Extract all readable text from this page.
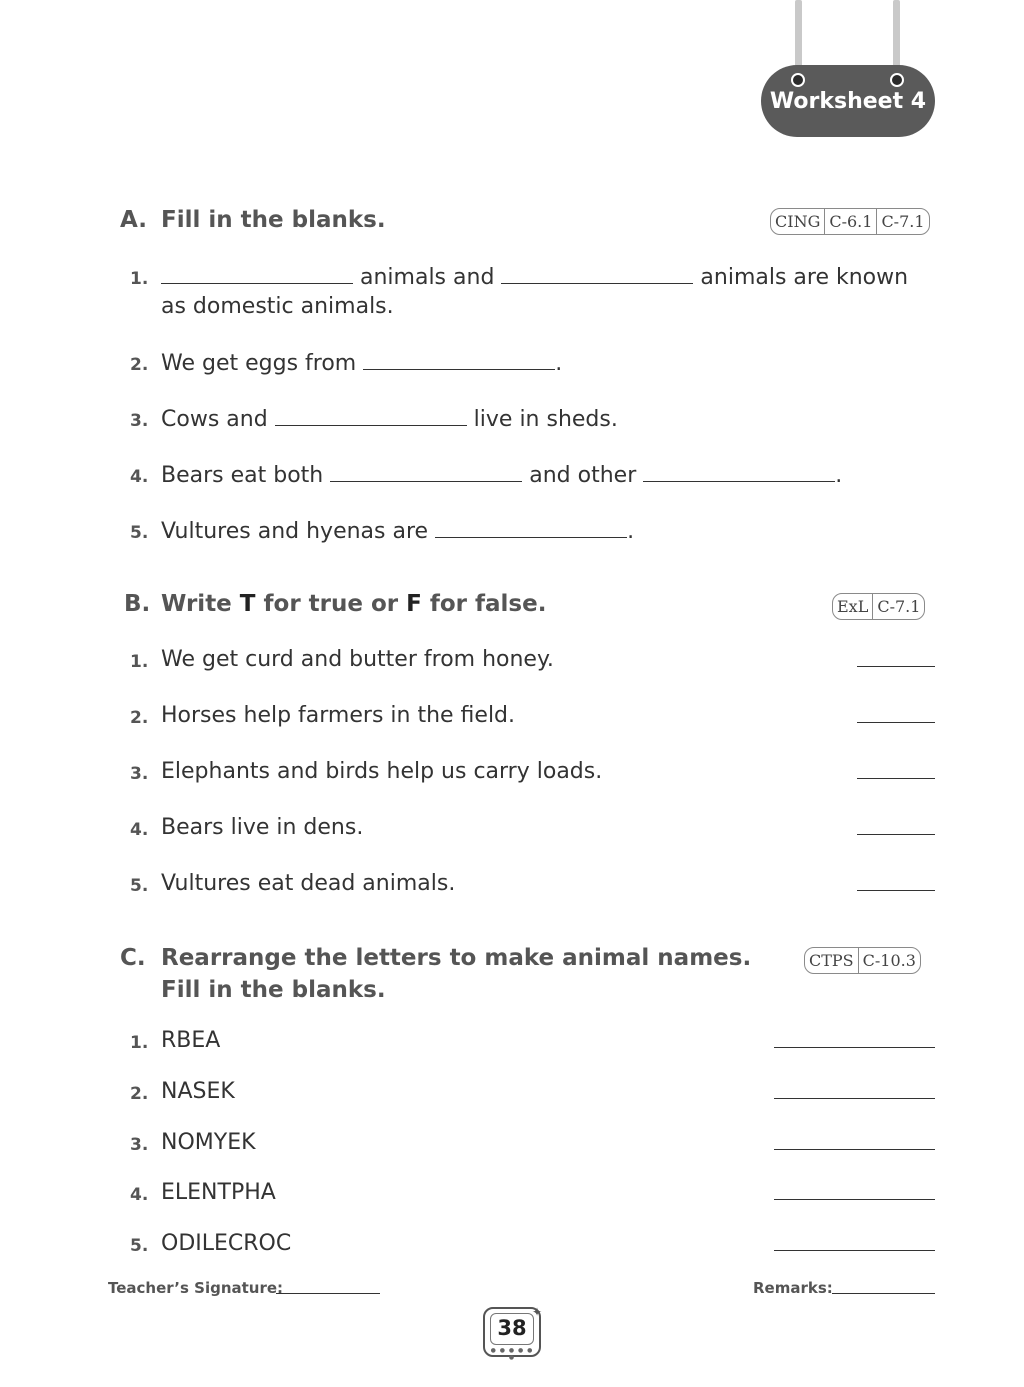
Worksheet 4
A. Fill in the blanks.	CING C-6.1 C-7.1
1.	animals and	animals are known
as domestic animals.
2. We get eggs from	.
3. Cows and	live in sheds.
4. Bears eat both	and other	.
5. Vultures and hyenas are	.
B. Write T for true or F for false.	ExL C-7.1
1. We get curd and butter from honey.
2. Horses help farmers in the field.
3. Elephants and birds help us carry loads.
4. Bears live in dens.
5. Vultures eat dead animals.
C. Rearrange the letters to make animal names.
Fill in the blanks.
CTPS C-10.3
1. RBEA
2. NASEK
3. NOMYEK
4. ELENTPHA
5. ODILECROC
Teacher’s Signature:	Remarks:
38
● ● ● ● ● ●
✦
